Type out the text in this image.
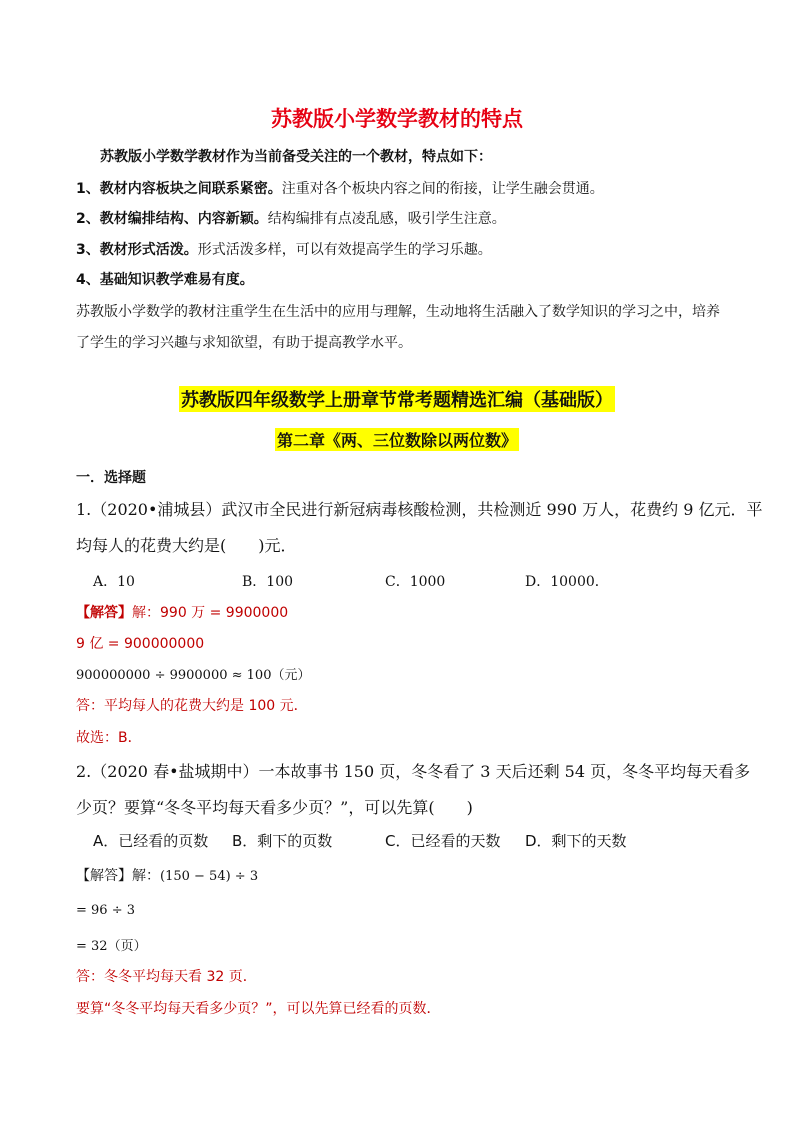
苏教版小学数学教材的特点
苏教版小学数学教材作为当前备受关注的一个教材，特点如下：
1、教材内容板块之间联系紧密。注重对各个板块内容之间的衔接，让学生融会贯通。
2、教材编排结构、内容新颖。结构编排有点凌乱感，吸引学生注意。
3、教材形式活泼。形式活泼多样，可以有效提高学生的学习乐趣。
4、基础知识教学难易有度。
苏教版小学数学的教材注重学生在生活中的应用与理解，生动地将生活融入了数学知识的学习之中，培养
了学生的学习兴趣与求知欲望，有助于提高教学水平。
苏教版四年级数学上册章节常考题精选汇编（基础版）
第二章《两、三位数除以两位数》
一．选择题
1.（2020•浦城县）武汉市全民进行新冠病毒核酸检测，共检测近 990 万人，花费约 9 亿元．平
均每人的花费大约是(　　)元．
A．10	B．100	C．1000	D．10000．
【解答】解：990 万 = 9900000
9 亿 = 900000000
900000000 ÷ 9900000 ≈ 100（元）
答：平均每人的花费大约是 100 元．
故选：B．
2.（2020 春•盐城期中）一本故事书 150 页，冬冬看了 3 天后还剩 54 页，冬冬平均每天看多
少页？要算“冬冬平均每天看多少页？”，可以先算(　　)
A．已经看的页数 B．剩下的页数	C．已经看的天数 D．剩下的天数
【解答】解：(150 − 54) ÷ 3
= 96 ÷ 3
= 32（页）
答：冬冬平均每天看 32 页．
要算“冬冬平均每天看多少页？”，可以先算已经看的页数．
